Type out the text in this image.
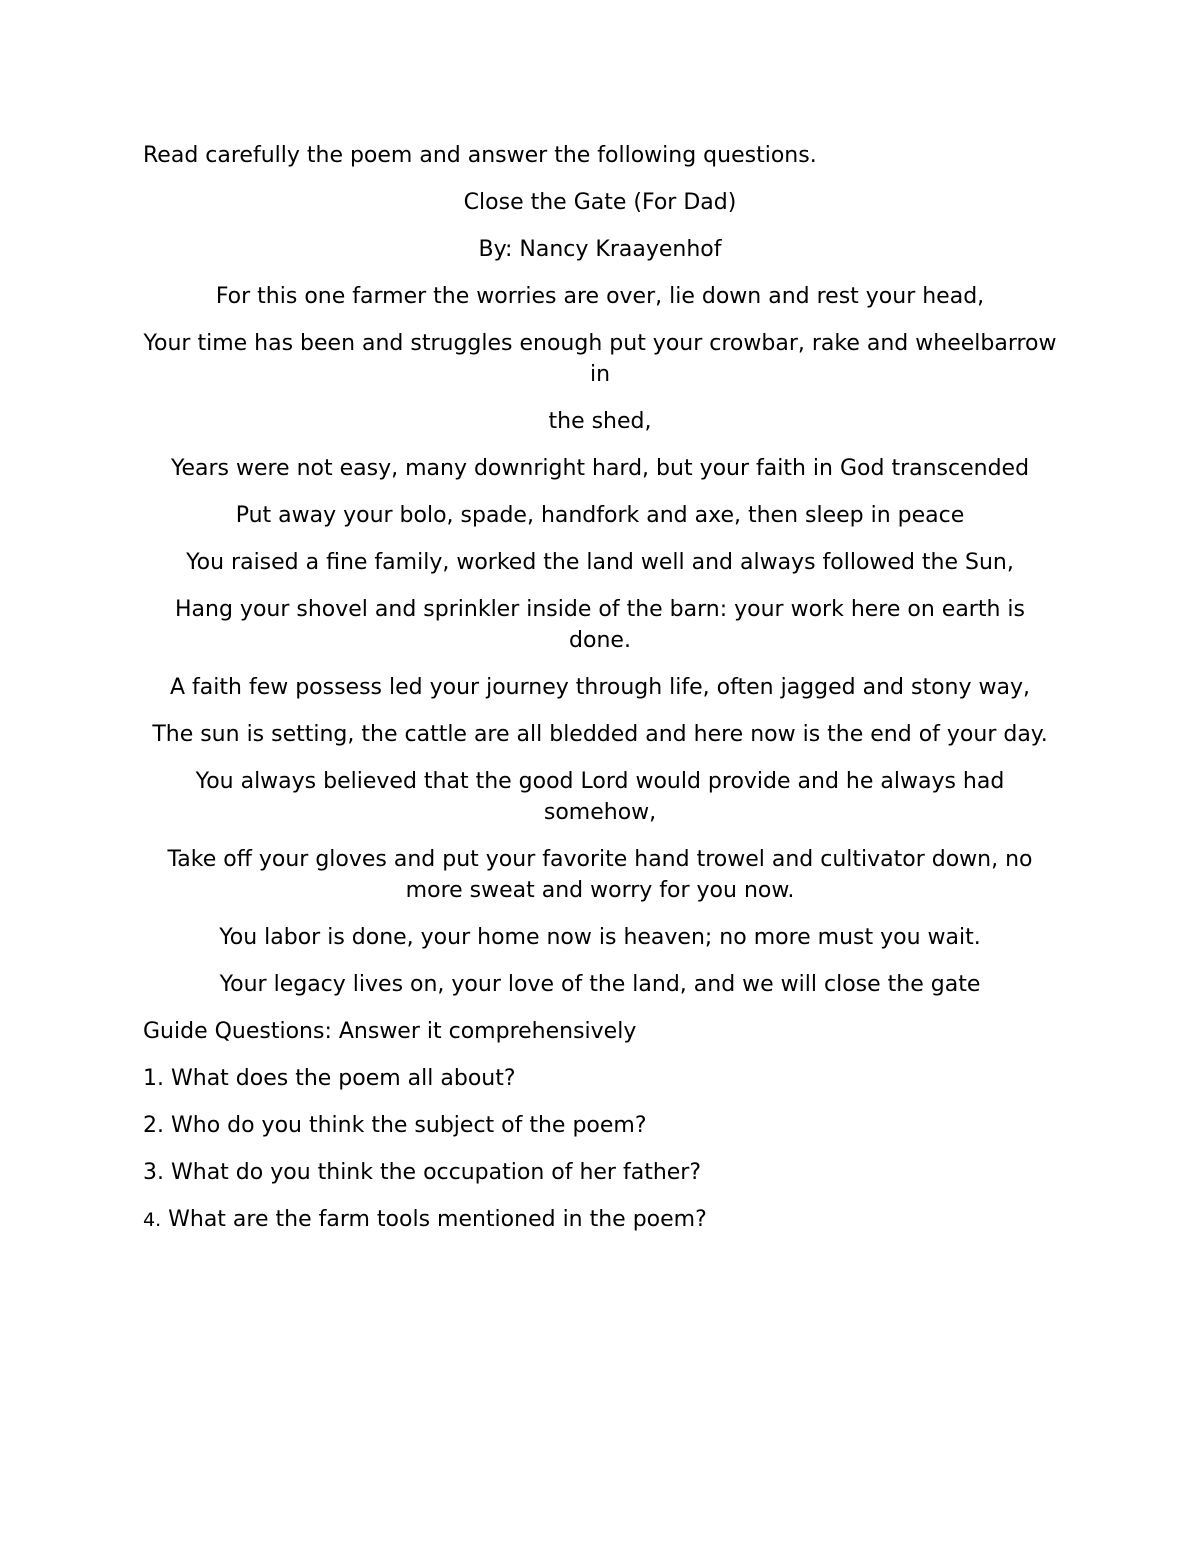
Read carefully the poem and answer the following questions.

Close the Gate (For Dad)

By: Nancy Kraayenhof

For this one farmer the worries are over, lie down and rest your head,

Your time has been and struggles enough put your crowbar, rake and wheelbarrow in

the shed,

Years were not easy, many downright hard, but your faith in God transcended

Put away your bolo, spade, handfork and axe, then sleep in peace

You raised a fine family, worked the land well and always followed the Sun,

Hang your shovel and sprinkler inside of the barn: your work here on earth is done.

A faith few possess led your journey through life, often jagged and stony way,

The sun is setting, the cattle are all bledded and here now is the end of your day.

You always believed that the good Lord would provide and he always had somehow,

Take off your gloves and put your favorite hand trowel and cultivator down, no more sweat and worry for you now.

You labor is done, your home now is heaven; no more must you wait.

Your legacy lives on, your love of the land, and we will close the gate

Guide Questions: Answer it comprehensively

1. What does the poem all about?

2. Who do you think the subject of the poem?

3. What do you think the occupation of her father?

4. What are the farm tools mentioned in the poem?
